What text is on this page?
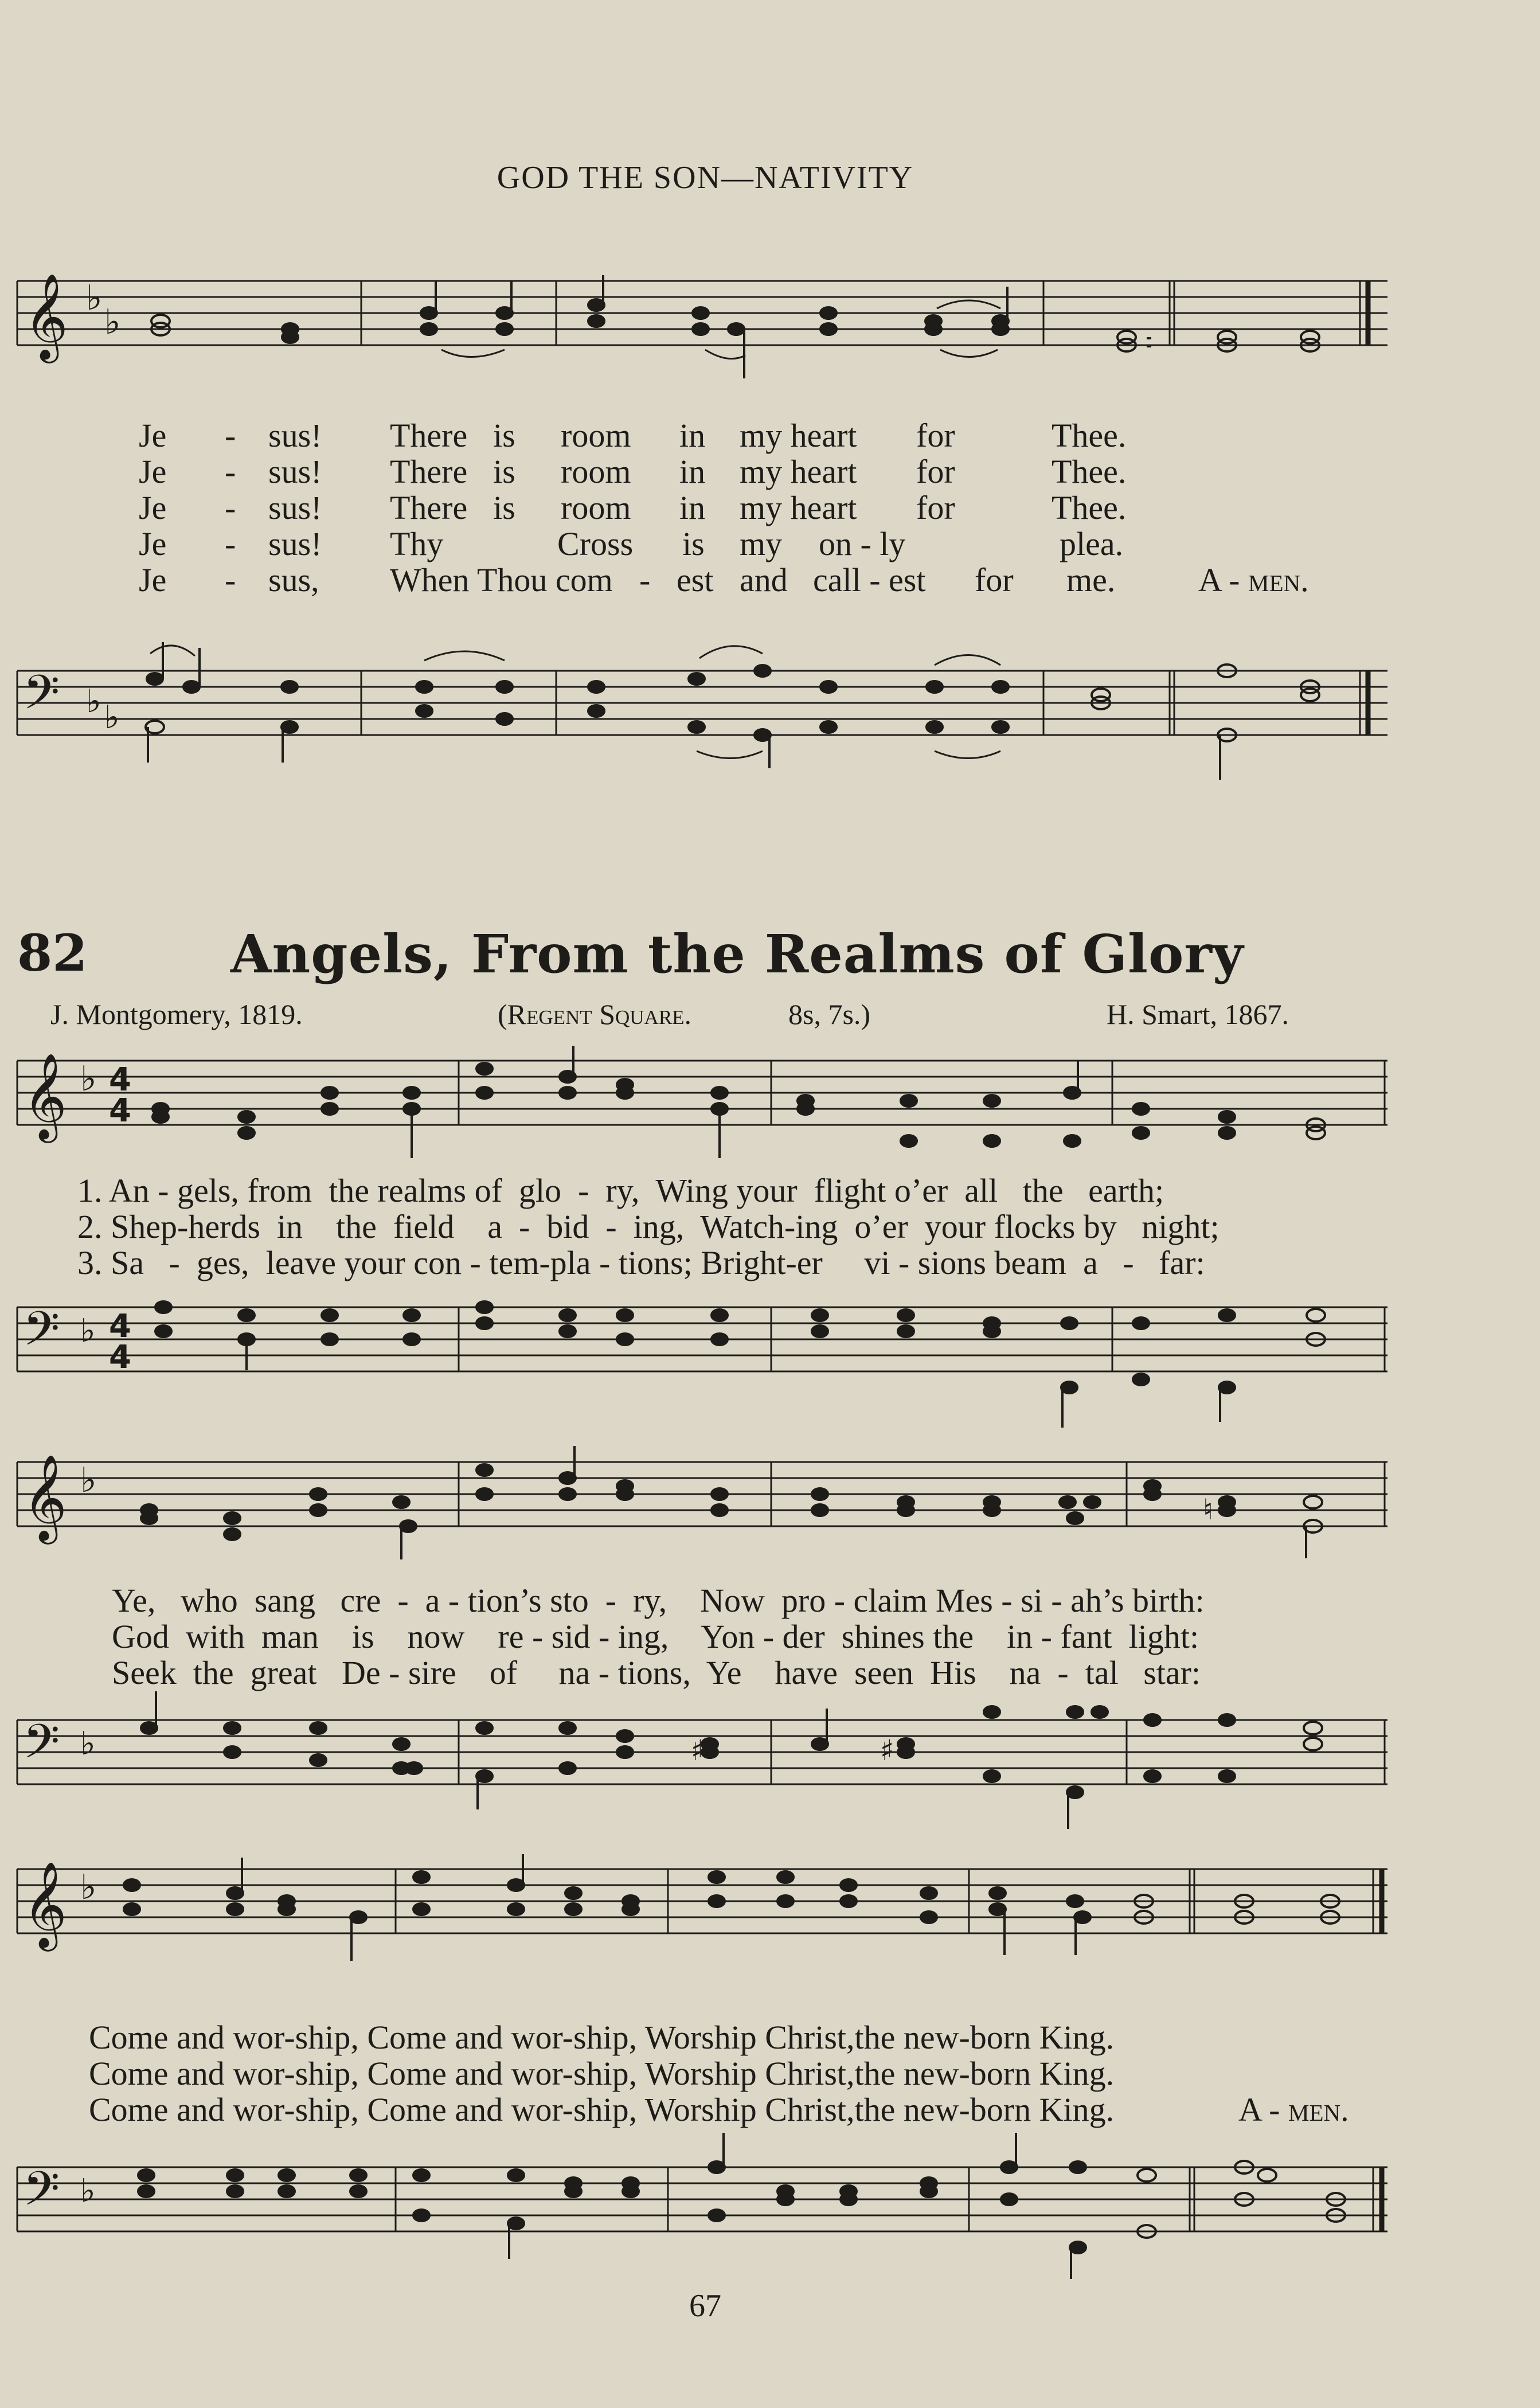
GOD THE SON—NATIVITY
𝄞 ♭
♭
Je - sus! There is room in my heart for	Thee.
Je - sus! There is room in my heart for	Thee.
Je - sus! There is room in my heart for	Thee.
Je - sus! Thy	Cross is my on - ly	plea.
Je - sus, When Thou com - est and call - est for me. A - men.
𝄢 ♭ ♭
82	Angels, From the Realms of Glory
J. Montgomery, 1819.	(Regent Square.	8s, 7s.)	H. Smart, 1867.
𝄞 ♭ 4
4
1. An - gels, from  the realms of  glo  -  ry,  Wing your  flight o’er  all   the   earth;
2. Shep-herds  in    the  field    a  -  bid  -  ing,  Watch-ing  o’er  your flocks by   night;
3. Sa   -  ges,  leave your con - tem-pla - tions; Bright-er     vi - sions beam  a   -   far:
𝄢 ♭ 4
4
𝄞 ♭
♮
Ye,   who  sang   cre  -  a - tion’s sto  -  ry,    Now  pro - claim Mes - si - ah’s birth:
God  with  man    is    now    re - sid - ing,    Yon - der  shines the    in - fant  light:
Seek  the  great   De - sire    of     na - tions,  Ye    have  seen  His    na  -  tal   star:
𝄢 ♭	♯	♯
𝄞 ♭
Come and wor-ship, Come and wor-ship, Worship Christ,the new-born King.
Come and wor-ship, Come and wor-ship, Worship Christ,the new-born King.
Come and wor-ship, Come and wor-ship, Worship Christ,the new-born King.	A - men.
𝄢 ♭
67
